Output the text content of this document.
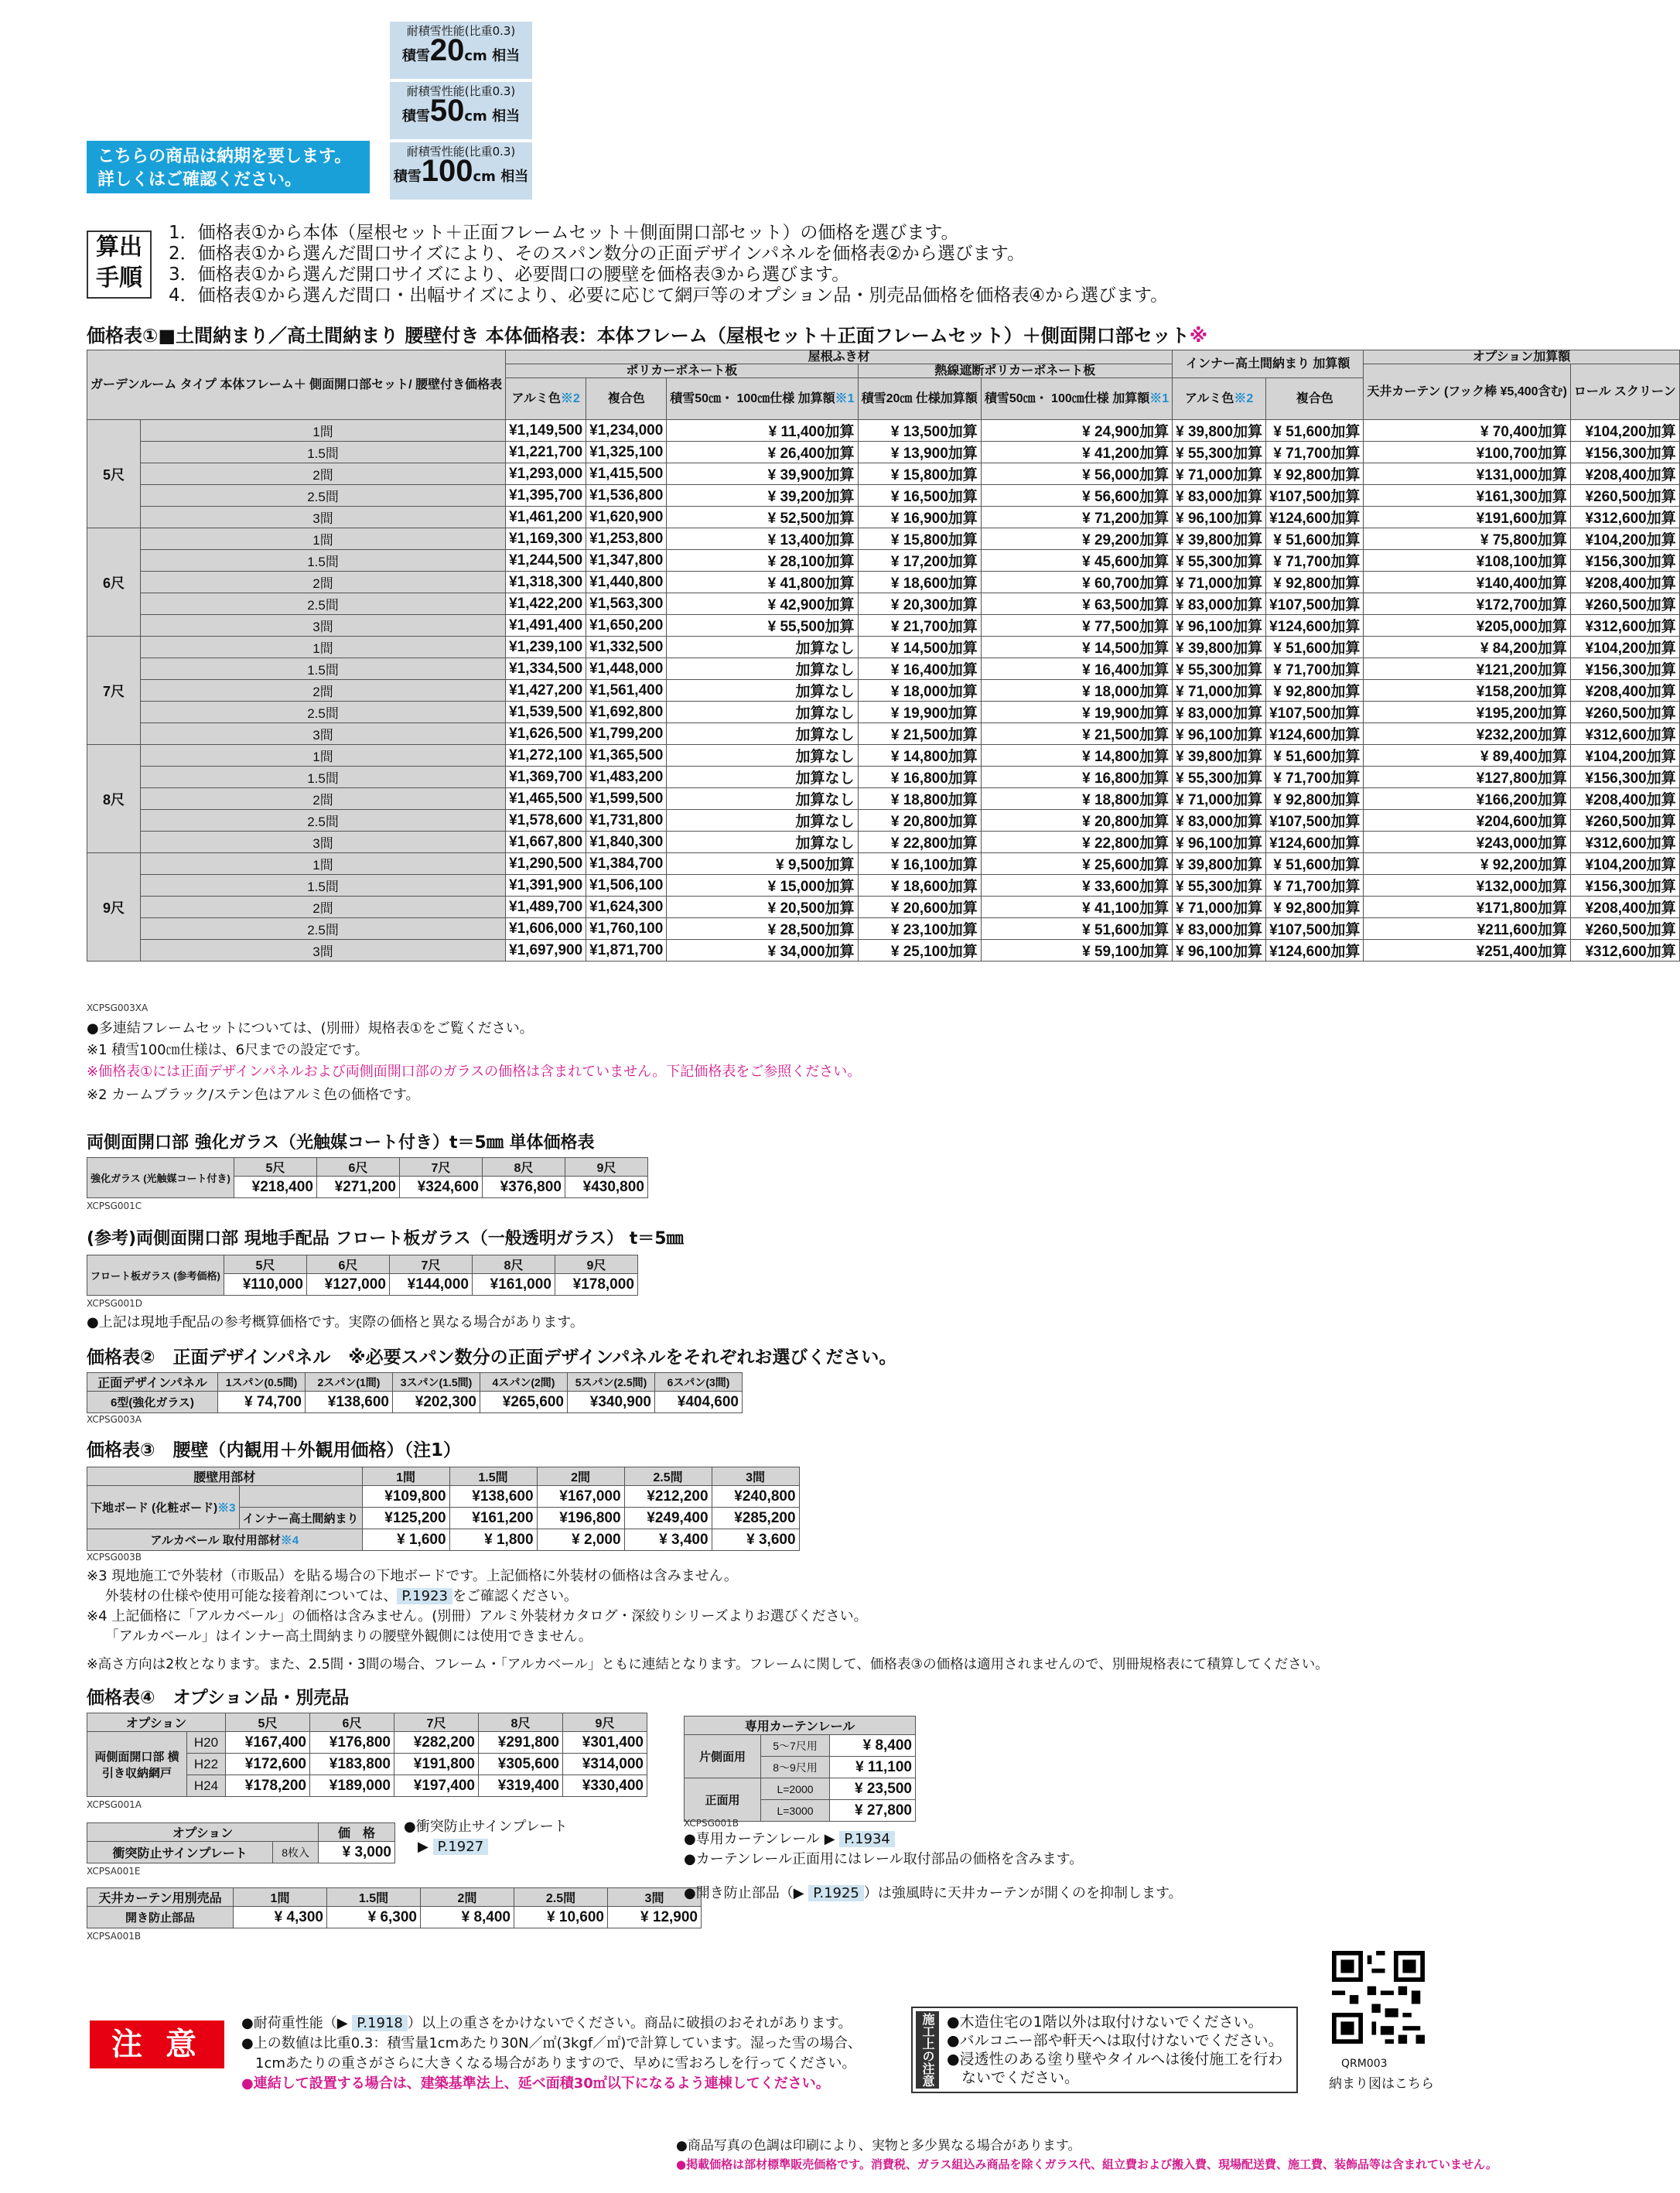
耐積雪性能(比重0.3)
積雪20cm 相当
耐積雪性能(比重0.3)
積雪50cm 相当
耐積雪性能(比重0.3)
積雪100cm 相当
こちらの商品は納期を要します。
詳しくはご確認ください。
算出
手順
1．価格表①から本体（屋根セット＋正面フレームセット＋側面開口部セット）の価格を選びます。
2．価格表①から選んだ間口サイズにより、そのスパン数分の正面デザインパネルを価格表②から選びます。
3．価格表①から選んだ開口サイズにより、必要間口の腰壁を価格表③から選びます。
4．価格表①から選んだ間口・出幅サイズにより、必要に応じて網戸等のオプション品・別売品価格を価格表④から選びます。
価格表①■土間納まり／高土間納まり 腰壁付き 本体価格表：本体フレーム（屋根セット＋正面フレームセット）＋側面開口部セット※
ガーデンルーム タイプ 本体フレーム＋ 側面開口部セット/ 腰壁付き価格表		屋根ふき材					インナー高土間納まり 加算額		オプション加算額	
		ポリカーボネート板			熱線遮断ポリカーボネート板				天井カーテン (フック棒 ¥5,400含む)	ロール スクリーン
		アルミ色※2	複合色	積雪50㎝・ 100㎝仕様 加算額※1	積雪20㎝ 仕様加算額	積雪50㎝・ 100㎝仕様 加算額※1	アルミ色※2	複合色		
5尺	1間	¥1,149,500	¥1,234,000	¥ 11,400加算	¥ 13,500加算	¥ 24,900加算	¥ 39,800加算	¥ 51,600加算	¥ 70,400加算	¥104,200加算
	1.5間	¥1,221,700	¥1,325,100	¥ 26,400加算	¥ 13,900加算	¥ 41,200加算	¥ 55,300加算	¥ 71,700加算	¥100,700加算	¥156,300加算
	2間	¥1,293,000	¥1,415,500	¥ 39,900加算	¥ 15,800加算	¥ 56,000加算	¥ 71,000加算	¥ 92,800加算	¥131,000加算	¥208,400加算
	2.5間	¥1,395,700	¥1,536,800	¥ 39,200加算	¥ 16,500加算	¥ 56,600加算	¥ 83,000加算	¥107,500加算	¥161,300加算	¥260,500加算
	3間	¥1,461,200	¥1,620,900	¥ 52,500加算	¥ 16,900加算	¥ 71,200加算	¥ 96,100加算	¥124,600加算	¥191,600加算	¥312,600加算
6尺	1間	¥1,169,300	¥1,253,800	¥ 13,400加算	¥ 15,800加算	¥ 29,200加算	¥ 39,800加算	¥ 51,600加算	¥ 75,800加算	¥104,200加算
	1.5間	¥1,244,500	¥1,347,800	¥ 28,100加算	¥ 17,200加算	¥ 45,600加算	¥ 55,300加算	¥ 71,700加算	¥108,100加算	¥156,300加算
	2間	¥1,318,300	¥1,440,800	¥ 41,800加算	¥ 18,600加算	¥ 60,700加算	¥ 71,000加算	¥ 92,800加算	¥140,400加算	¥208,400加算
	2.5間	¥1,422,200	¥1,563,300	¥ 42,900加算	¥ 20,300加算	¥ 63,500加算	¥ 83,000加算	¥107,500加算	¥172,700加算	¥260,500加算
	3間	¥1,491,400	¥1,650,200	¥ 55,500加算	¥ 21,700加算	¥ 77,500加算	¥ 96,100加算	¥124,600加算	¥205,000加算	¥312,600加算
7尺	1間	¥1,239,100	¥1,332,500	加算なし	¥ 14,500加算	¥ 14,500加算	¥ 39,800加算	¥ 51,600加算	¥ 84,200加算	¥104,200加算
	1.5間	¥1,334,500	¥1,448,000	加算なし	¥ 16,400加算	¥ 16,400加算	¥ 55,300加算	¥ 71,700加算	¥121,200加算	¥156,300加算
	2間	¥1,427,200	¥1,561,400	加算なし	¥ 18,000加算	¥ 18,000加算	¥ 71,000加算	¥ 92,800加算	¥158,200加算	¥208,400加算
	2.5間	¥1,539,500	¥1,692,800	加算なし	¥ 19,900加算	¥ 19,900加算	¥ 83,000加算	¥107,500加算	¥195,200加算	¥260,500加算
	3間	¥1,626,500	¥1,799,200	加算なし	¥ 21,500加算	¥ 21,500加算	¥ 96,100加算	¥124,600加算	¥232,200加算	¥312,600加算
8尺	1間	¥1,272,100	¥1,365,500	加算なし	¥ 14,800加算	¥ 14,800加算	¥ 39,800加算	¥ 51,600加算	¥ 89,400加算	¥104,200加算
	1.5間	¥1,369,700	¥1,483,200	加算なし	¥ 16,800加算	¥ 16,800加算	¥ 55,300加算	¥ 71,700加算	¥127,800加算	¥156,300加算
	2間	¥1,465,500	¥1,599,500	加算なし	¥ 18,800加算	¥ 18,800加算	¥ 71,000加算	¥ 92,800加算	¥166,200加算	¥208,400加算
	2.5間	¥1,578,600	¥1,731,800	加算なし	¥ 20,800加算	¥ 20,800加算	¥ 83,000加算	¥107,500加算	¥204,600加算	¥260,500加算
	3間	¥1,667,800	¥1,840,300	加算なし	¥ 22,800加算	¥ 22,800加算	¥ 96,100加算	¥124,600加算	¥243,000加算	¥312,600加算
9尺	1間	¥1,290,500	¥1,384,700	¥ 9,500加算	¥ 16,100加算	¥ 25,600加算	¥ 39,800加算	¥ 51,600加算	¥ 92,200加算	¥104,200加算
	1.5間	¥1,391,900	¥1,506,100	¥ 15,000加算	¥ 18,600加算	¥ 33,600加算	¥ 55,300加算	¥ 71,700加算	¥132,000加算	¥156,300加算
	2間	¥1,489,700	¥1,624,300	¥ 20,500加算	¥ 20,600加算	¥ 41,100加算	¥ 71,000加算	¥ 92,800加算	¥171,800加算	¥208,400加算
	2.5間	¥1,606,000	¥1,760,100	¥ 28,500加算	¥ 23,100加算	¥ 51,600加算	¥ 83,000加算	¥107,500加算	¥211,600加算	¥260,500加算
	3間	¥1,697,900	¥1,871,700	¥ 34,000加算	¥ 25,100加算	¥ 59,100加算	¥ 96,100加算	¥124,600加算	¥251,400加算	¥312,600加算
XCPSG003XA
●多連結フレームセットについては、(別冊）規格表①をご覧ください。
※1 積雪100㎝仕様は、6尺までの設定です。
※価格表①には正面デザインパネルおよび両側面開口部のガラスの価格は含まれていません。下記価格表をご参照ください。
※2 カームブラック/ステン色はアルミ色の価格です。
両側面開口部 強化ガラス（光触媒コート付き）t＝5㎜ 単体価格表
強化ガラス (光触媒コート付き)	5尺	6尺	7尺	8尺	9尺
	¥218,400	¥271,200	¥324,600	¥376,800	¥430,800
XCPSG001C
(参考)両側面開口部 現地手配品 フロート板ガラス（一般透明ガラス） t＝5㎜
フロート板ガラス (参考価格)	5尺	6尺	7尺	8尺	9尺
	¥110,000	¥127,000	¥144,000	¥161,000	¥178,000
XCPSG001D
●上記は現地手配品の参考概算価格です。実際の価格と異なる場合があります。
価格表②　正面デザインパネル　※必要スパン数分の正面デザインパネルをそれぞれお選びください。
正面デザインパネル	1スパン(0.5間)	2スパン(1間)	3スパン(1.5間)	4スパン(2間)	5スパン(2.5間)	6スパン(3間)
6型(強化ガラス)	¥ 74,700	¥138,600	¥202,300	¥265,600	¥340,900	¥404,600
XCPSG003A
価格表③　腰壁（内観用＋外観用価格）（注1）
腰壁用部材		1間	1.5間	2間	2.5間	3間
下地ボード (化粧ボード)※3		¥109,800	¥138,600	¥167,000	¥212,200	¥240,800
	インナー高土間納まり	¥125,200	¥161,200	¥196,800	¥249,400	¥285,200
アルカベール 取付用部材※4		¥ 1,600	¥ 1,800	¥ 2,000	¥ 3,400	¥ 3,600
XCPSG003B
※3 現地施工で外装材（市販品）を貼る場合の下地ボードです。上記価格に外装材の価格は含みません。
　 外装材の仕様や使用可能な接着剤については、 P.1923 をご確認ください。
※4 上記価格に「アルカベール」の価格は含みません。(別冊）アルミ外装材カタログ・深絞りシリーズよりお選びください。
　 「アルカベール」はインナー高土間納まりの腰壁外観側には使用できません。
※高さ方向は2枚となります。また、2.5間・3間の場合、フレーム・「アルカベール」ともに連結となります。フレームに関して、価格表③の価格は適用されませんので、別冊規格表にて積算してください。
価格表④　オプション品・別売品
オプション		5尺	6尺	7尺	8尺	9尺
両側面開口部 横引き収納網戸	H20	¥167,400	¥176,800	¥282,200	¥291,800	¥301,400
	H22	¥172,600	¥183,800	¥191,800	¥305,600	¥314,000
	H24	¥178,200	¥189,000	¥197,400	¥319,400	¥330,400
XCPSG001A
オプション		価　格
衝突防止サインプレート	8枚入	¥ 3,000
XCPSA001E
●衝突防止サインプレート
▶ P.1927
天井カーテン用別売品	1間	1.5間	2間	2.5間	3間
開き防止部品	¥ 4,300	¥ 6,300	¥ 8,400	¥ 10,600	¥ 12,900
XCPSA001B
専用カーテンレール		
片側面用	5〜7尺用	¥ 8,400
	8〜9尺用	¥ 11,100
正面用	L=2000	¥ 23,500
	L=3000	¥ 27,800
XCPSG001B
●専用カーテンレール ▶ P.1934
●カーテンレール正面用にはレール取付部品の価格を含みます。
●開き防止部品（▶ P.1925 ）は強風時に天井カーテンが開くのを抑制します。
注 意
●耐荷重性能（▶ P.1918 ）以上の重さをかけないでください。商品に破損のおそれがあります。
●上の数値は比重0.3：積雪量1cmあたり30N／㎡(3kgf／㎡)で計算しています。湿った雪の場合、
　1cmあたりの重さがさらに大きくなる場合がありますので、早めに雪おろしを行ってください。
●連結して設置する場合は、建築基準法上、延べ面積30㎡以下になるよう連棟してください。	施工上の注意 ●木造住宅の1階以外は取付けないでください。
●バルコニー部や軒天へは取付けないでください。
●浸透性のある塗り壁やタイルへは後付施工を行わ
　ないでください。
QRM003
納まり図はこちら
●商品写真の色調は印刷により、実物と多少異なる場合があります。
●掲載価格は部材標準販売価格です。消費税、ガラス組込み商品を除くガラス代、組立費および搬入費、現場配送費、施工費、装飾品等は含まれていません。
